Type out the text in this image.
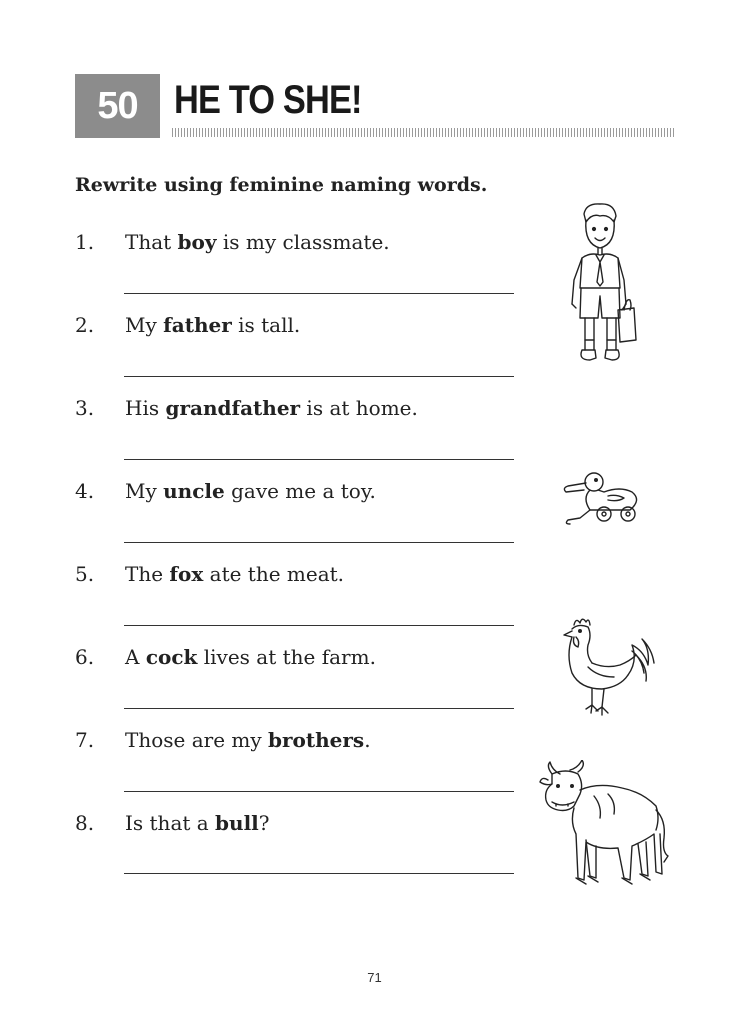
50 HE TO SHE!
Rewrite using feminine naming words.
1. That boy is my classmate.
2. My father is tall.
3. His grandfather is at home.
4. My uncle gave me a toy.
5. The fox ate the meat.
6. A cock lives at the farm.
7. Those are my brothers.
8. Is that a bull?
71
